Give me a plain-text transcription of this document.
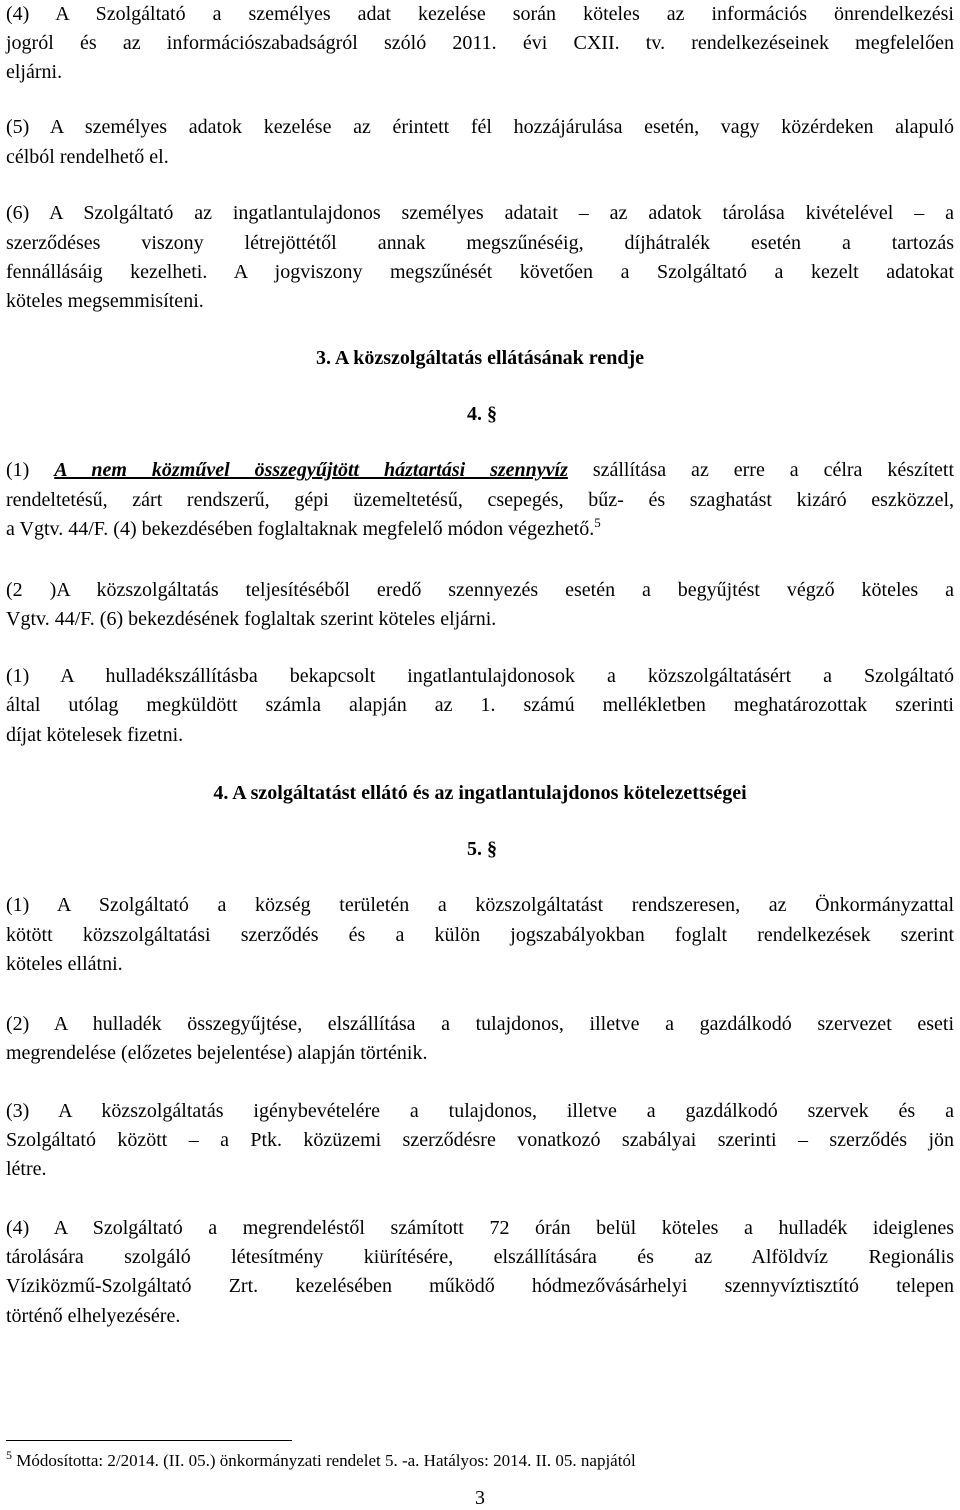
(4) A Szolgáltató a személyes adat kezelése során köteles az információs önrendelkezési
jogról és az információszabadságról szóló 2011. évi CXII. tv. rendelkezéseinek megfelelően
eljárni.
(5) A személyes adatok kezelése az érintett fél hozzájárulása esetén, vagy közérdeken alapuló
célból rendelhető el.
(6) A Szolgáltató az ingatlantulajdonos személyes adatait – az adatok tárolása kivételével – a
szerződéses viszony létrejöttétől annak megszűnéséig, díjhátralék esetén a tartozás
fennállásáig kezelheti. A jogviszony megszűnését követően a Szolgáltató a kezelt adatokat
köteles megsemmisíteni.
3. A közszolgáltatás ellátásának rendje
4. §
(1) A nem közművel összegyűjtött háztartási szennyvíz szállítása az erre a célra készített
rendeltetésű, zárt rendszerű, gépi üzemeltetésű, csepegés, bűz- és szaghatást kizáró eszközzel,
a Vgtv. 44/F. (4) bekezdésében foglaltaknak megfelelő módon végezhető.$^5$
(2 )A közszolgáltatás teljesítéséből eredő szennyezés esetén a begyűjtést végző köteles a
Vgtv. 44/F. (6) bekezdésének foglaltak szerint köteles eljárni.
(1) A hulladékszállításba bekapcsolt ingatlantulajdonosok a közszolgáltatásért a Szolgáltató
által utólag megküldött számla alapján az 1. számú mellékletben meghatározottak szerinti
díjat kötelesek fizetni.
4. A szolgáltatást ellátó és az ingatlantulajdonos kötelezettségei
5. §
(1) A Szolgáltató a község területén a közszolgáltatást rendszeresen, az Önkormányzattal
kötött közszolgáltatási szerződés és a külön jogszabályokban foglalt rendelkezések szerint
köteles ellátni.
(2) A hulladék összegyűjtése, elszállítása a tulajdonos, illetve a gazdálkodó szervezet eseti
megrendelése (előzetes bejelentése) alapján történik.
(3) A közszolgáltatás igénybevételére a tulajdonos, illetve a gazdálkodó szervek és a
Szolgáltató között – a Ptk. közüzemi szerződésre vonatkozó szabályai szerinti – szerződés jön
létre.
(4) A Szolgáltató a megrendeléstől számított 72 órán belül köteles a hulladék ideiglenes
tárolására szolgáló létesítmény kiürítésére, elszállítására és az Alföldvíz Regionális
Víziközmű-Szolgáltató Zrt. kezelésében működő hódmezővásárhelyi szennyvíztisztító telepen
történő elhelyezésére.
$^5$ Módosította: 2/2014. (II. 05.) önkormányzati rendelet 5. -a. Hatályos: 2014. II. 05. napjától
3
